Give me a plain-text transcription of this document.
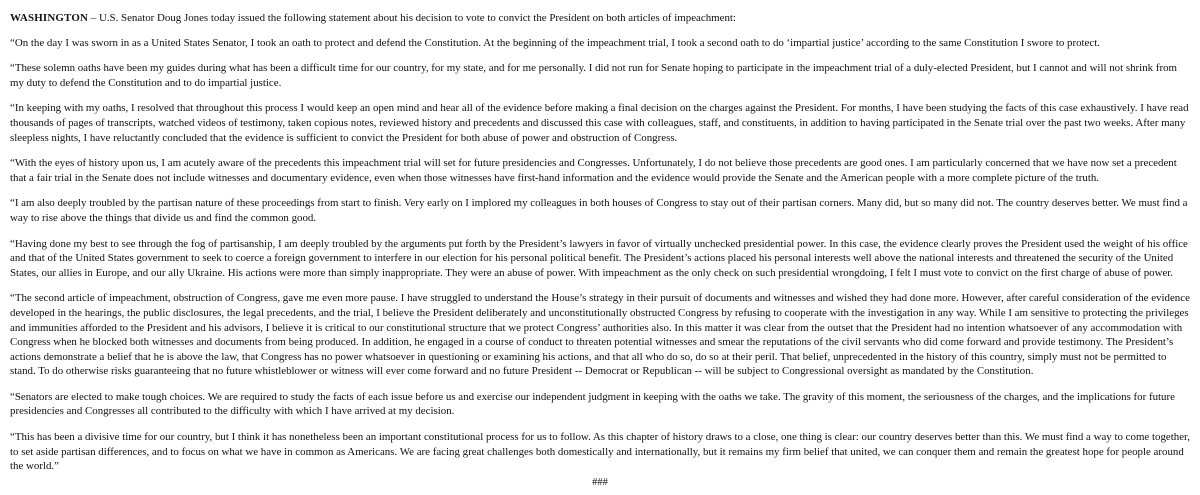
WASHINGTON – U.S. Senator Doug Jones today issued the following statement about his decision to vote to convict the President on both articles of impeachment:

“On the day I was sworn in as a United States Senator, I took an oath to protect and defend the Constitution. At the beginning of the impeachment trial, I took a second oath to do ‘impartial justice’ according to the same Constitution I swore to protect.

“These solemn oaths have been my guides during what has been a difficult time for our country, for my state, and for me personally. I did not run for Senate hoping to participate in the impeachment trial of a duly-elected President, but I cannot and will not shrink from my duty to defend the Constitution and to do impartial justice.

“In keeping with my oaths, I resolved that throughout this process I would keep an open mind and hear all of the evidence before making a final decision on the charges against the President. For months, I have been studying the facts of this case exhaustively. I have read thousands of pages of transcripts, watched videos of testimony, taken copious notes, reviewed history and precedents and discussed this case with colleagues, staff, and constituents, in addition to having participated in the Senate trial over the past two weeks. After many sleepless nights, I have reluctantly concluded that the evidence is sufficient to convict the President for both abuse of power and obstruction of Congress.

“With the eyes of history upon us, I am acutely aware of the precedents this impeachment trial will set for future presidencies and Congresses. Unfortunately, I do not believe those precedents are good ones. I am particularly concerned that we have now set a precedent that a fair trial in the Senate does not include witnesses and documentary evidence, even when those witnesses have first-hand information and the evidence would provide the Senate and the American people with a more complete picture of the truth.

“I am also deeply troubled by the partisan nature of these proceedings from start to finish. Very early on I implored my colleagues in both houses of Congress to stay out of their partisan corners. Many did, but so many did not. The country deserves better. We must find a way to rise above the things that divide us and find the common good.

“Having done my best to see through the fog of partisanship, I am deeply troubled by the arguments put forth by the President’s lawyers in favor of virtually unchecked presidential power. In this case, the evidence clearly proves the President used the weight of his office and that of the United States government to seek to coerce a foreign government to interfere in our election for his personal political benefit. The President’s actions placed his personal interests well above the national interests and threatened the security of the United States, our allies in Europe, and our ally Ukraine. His actions were more than simply inappropriate. They were an abuse of power. With impeachment as the only check on such presidential wrongdoing, I felt I must vote to convict on the first charge of abuse of power.

“The second article of impeachment, obstruction of Congress, gave me even more pause. I have struggled to understand the House’s strategy in their pursuit of documents and witnesses and wished they had done more. However, after careful consideration of the evidence developed in the hearings, the public disclosures, the legal precedents, and the trial, I believe the President deliberately and unconstitutionally obstructed Congress by refusing to cooperate with the investigation in any way. While I am sensitive to protecting the privileges and immunities afforded to the President and his advisors, I believe it is critical to our constitutional structure that we protect Congress’ authorities also. In this matter it was clear from the outset that the President had no intention whatsoever of any accommodation with Congress when he blocked both witnesses and documents from being produced. In addition, he engaged in a course of conduct to threaten potential witnesses and smear the reputations of the civil servants who did come forward and provide testimony. The President’s actions demonstrate a belief that he is above the law, that Congress has no power whatsoever in questioning or examining his actions, and that all who do so, do so at their peril. That belief, unprecedented in the history of this country, simply must not be permitted to stand. To do otherwise risks guaranteeing that no future whistleblower or witness will ever come forward and no future President -- Democrat or Republican -- will be subject to Congressional oversight as mandated by the Constitution.

“Senators are elected to make tough choices. We are required to study the facts of each issue before us and exercise our independent judgment in keeping with the oaths we take. The gravity of this moment, the seriousness of the charges, and the implications for future presidencies and Congresses all contributed to the difficulty with which I have arrived at my decision.

“This has been a divisive time for our country, but I think it has nonetheless been an important constitutional process for us to follow. As this chapter of history draws to a close, one thing is clear: our country deserves better than this. We must find a way to come together, to set aside partisan differences, and to focus on what we have in common as Americans. We are facing great challenges both domestically and internationally, but it remains my firm belief that united, we can conquer them and remain the greatest hope for people around the world.”

###
